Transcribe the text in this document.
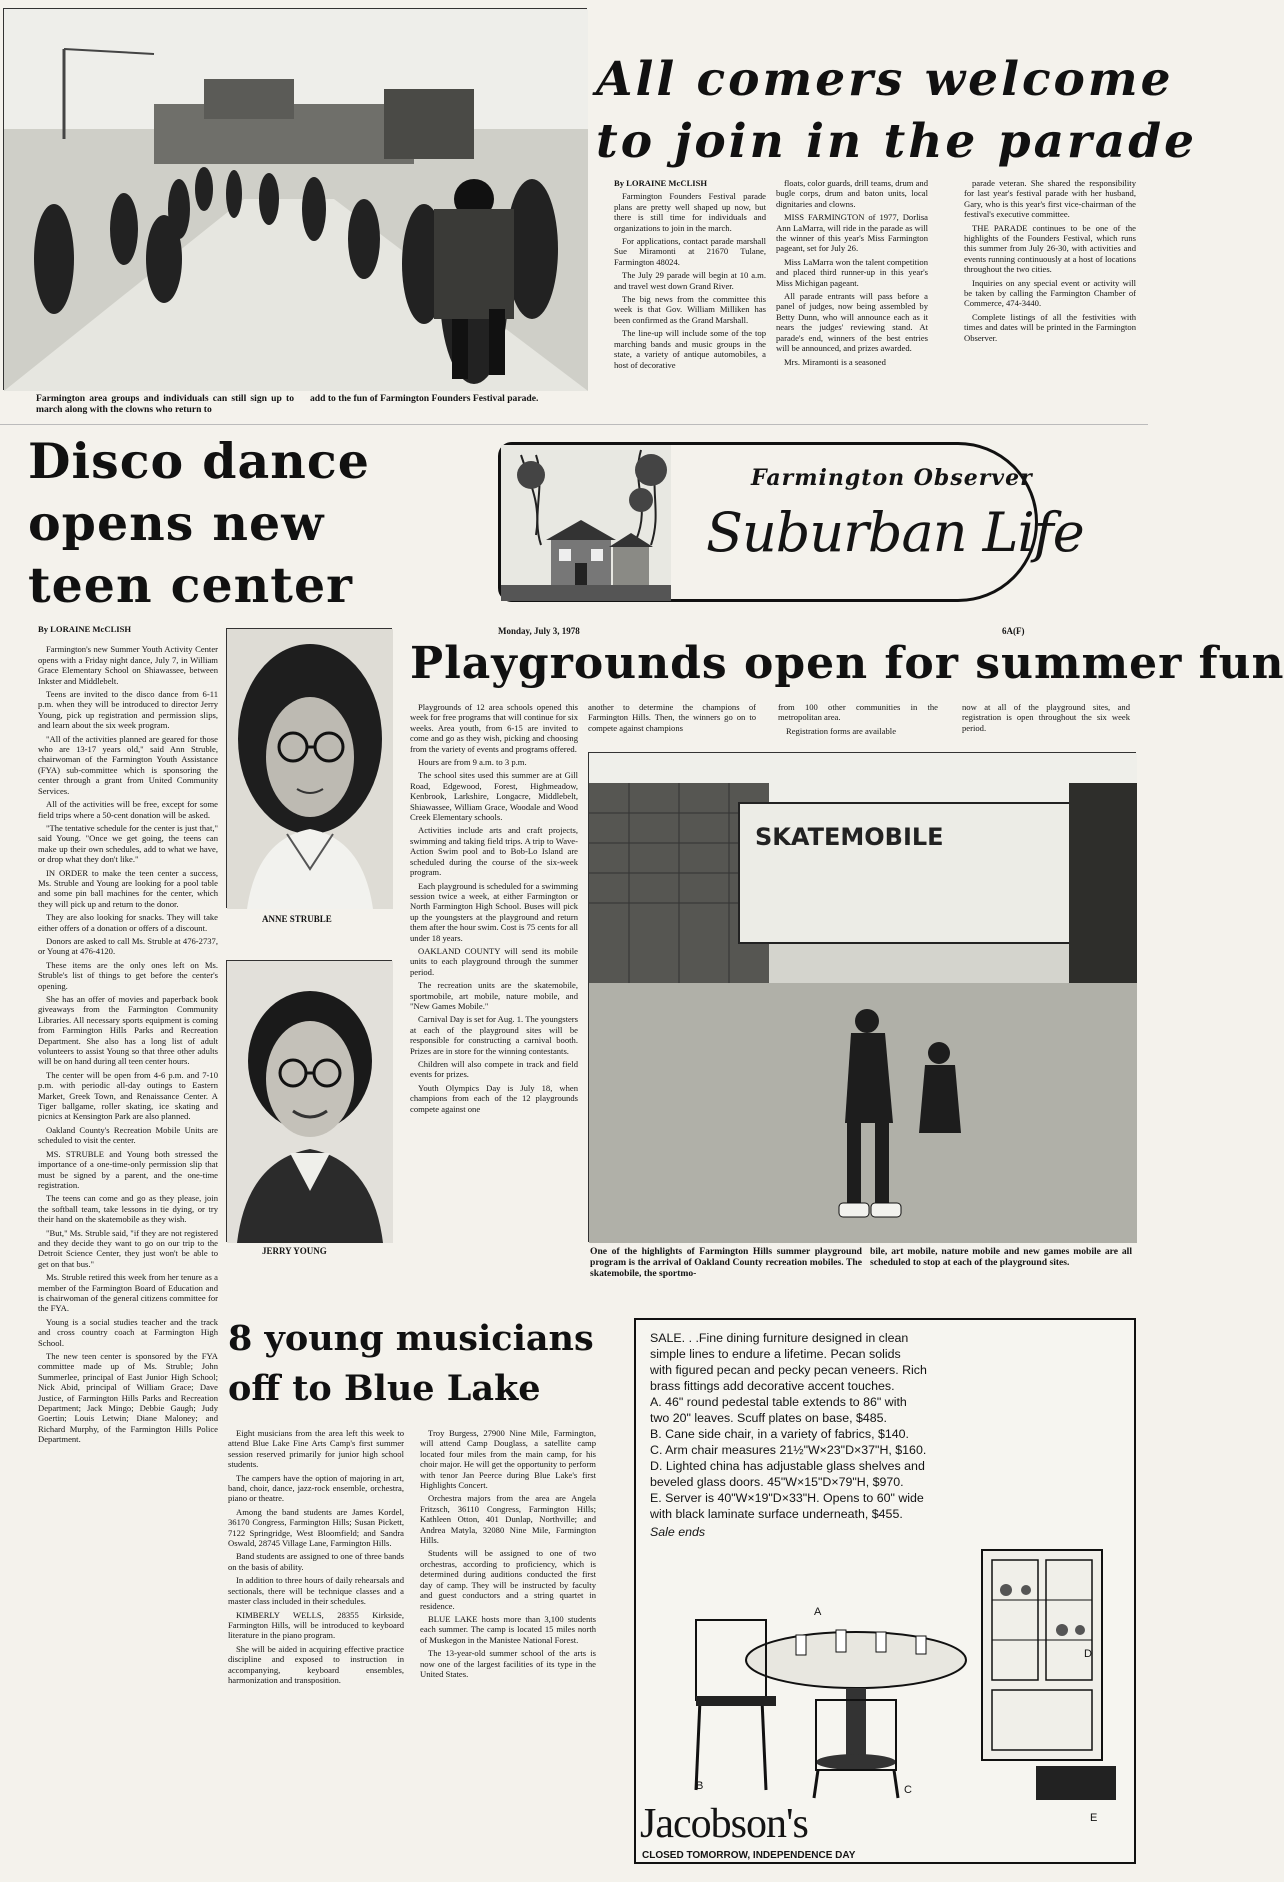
All comers welcome
to join in the parade

By LORAINE McCLISH

Farmington Founders Festival parade plans are pretty well shaped up now, but there is still time for individuals and organizations to join in the march.

For applications, contact parade marshall Sue Miramonti at 21670 Tulane, Farmington 48024.

The July 29 parade will begin at 10 a.m. and travel west down Grand River.

The big news from the committee this week is that Gov. William Milliken has been confirmed as the Grand Marshall.

The line-up will include some of the top marching bands and music groups in the state, a variety of antique automobiles, a host of decorative

floats, color guards, drill teams, drum and bugle corps, drum and baton units, local dignitaries and clowns.

MISS FARMINGTON of 1977, Dorlisa Ann LaMarra, will ride in the parade as will the winner of this year's Miss Farmington pageant, set for July 26.

Miss LaMarra won the talent competition and placed third runner-up in this year's Miss Michigan pageant.

All parade entrants will pass before a panel of judges, now being assembled by Betty Dunn, who will announce each as it nears the judges' reviewing stand. At parade's end, winners of the best entries will be announced, and prizes awarded.

Mrs. Miramonti is a seasoned

parade veteran. She shared the responsibility for last year's festival parade with her husband, Gary, who is this year's first vice-chairman of the festival's executive committee.

THE PARADE continues to be one of the highlights of the Founders Festival, which runs this summer from July 26-30, with activities and events running continuously at a host of locations throughout the two cities.

Inquiries on any special event or activity will be taken by calling the Farmington Chamber of Commerce, 474-3440.

Complete listings of all the festivities with times and dates will be printed in the Farmington Observer.

Farmington area groups and individuals can still sign up to march along with the clowns who return to
add to the fun of Farmington Founders Festival parade.
Disco dance
opens new
teen center
Farmington Observer
Suburban Life
Monday, July 3, 1978	6A(F)

By LORAINE McCLISH

Farmington's new Summer Youth Activity Center opens with a Friday night dance, July 7, in William Grace Elementary School on Shiawassee, between Inkster and Middlebelt.

Teens are invited to the disco dance from 6-11 p.m. when they will be introduced to director Jerry Young, pick up registration and permission slips, and learn about the six week program.

"All of the activities planned are geared for those who are 13-17 years old," said Ann Struble, chairwoman of the Farmington Youth Assistance (FYA) sub-committee which is sponsoring the center through a grant from United Community Services.

All of the activities will be free, except for some field trips where a 50-cent donation will be asked.

"The tentative schedule for the center is just that," said Young. "Once we get going, the teens can make up their own schedules, add to what we have, or drop what they don't like."

IN ORDER to make the teen center a success, Ms. Struble and Young are looking for a pool table and some pin ball machines for the center, which they will pick up and return to the donor.

They are also looking for snacks. They will take either offers of a donation or offers of a discount.

Donors are asked to call Ms. Struble at 476-2737, or Young at 476-4120.

These items are the only ones left on Ms. Struble's list of things to get before the center's opening.

She has an offer of movies and paperback book giveaways from the Farmington Community Libraries. All necessary sports equipment is coming from Farmington Hills Parks and Recreation Department. She also has a long list of adult volunteers to assist Young so that three other adults will be on hand during all teen center hours.

The center will be open from 4-6 p.m. and 7-10 p.m. with periodic all-day outings to Eastern Market, Greek Town, and Renaissance Center. A Tiger ballgame, roller skating, ice skating and picnics at Kensington Park are also planned.

Oakland County's Recreation Mobile Units are scheduled to visit the center.

MS. STRUBLE and Young both stressed the importance of a one-time-only permission slip that must be signed by a parent, and the one-time registration.

The teens can come and go as they please, join the softball team, take lessons in tie dying, or try their hand on the skatemobile as they wish.

"But," Ms. Struble said, "if they are not registered and they decide they want to go on our trip to the Detroit Science Center, they just won't be able to get on that bus."

Ms. Struble retired this week from her tenure as a member of the Farmington Board of Education and is chairwoman of the general citizens committee for the FYA.

Young is a social studies teacher and the track and cross country coach at Farmington High School.

The new teen center is sponsored by the FYA committee made up of Ms. Struble; John Summerlee, principal of East Junior High School; Nick Abid, principal of William Grace; Dave Justice, of Farmington Hills Parks and Recreation Department; Jack Mingo; Debbie Gaugh; Judy Goertin; Louis Letwin; Diane Maloney; and Richard Murphy, of the Farmington Hills Police Department.

ANNE STRUBLE
JERRY YOUNG
Playgrounds open for summer fun

Playgrounds of 12 area schools opened this week for free programs that will continue for six weeks. Area youth, from 6-15 are invited to come and go as they wish, picking and choosing from the variety of events and programs offered.

Hours are from 9 a.m. to 3 p.m.

The school sites used this summer are at Gill Road, Edgewood, Forest, Highmeadow, Kenbrook, Larkshire, Longacre, Middlebelt, Shiawassee, William Grace, Woodale and Wood Creek Elementary schools.

Activities include arts and craft projects, swimming and taking field trips. A trip to Wave-Action Swim pool and to Bob-Lo Island are scheduled during the course of the six-week program.

Each playground is scheduled for a swimming session twice a week, at either Farmington or North Farmington High School. Buses will pick up the youngsters at the playground and return them after the hour swim. Cost is 75 cents for all under 18 years.

OAKLAND COUNTY will send its mobile units to each playground through the summer period.

The recreation units are the skatemobile, sportmobile, art mobile, nature mobile, and "New Games Mobile."

Carnival Day is set for Aug. 1. The youngsters at each of the playground sites will be responsible for constructing a carnival booth. Prizes are in store for the winning contestants.

Children will also compete in track and field events for prizes.

Youth Olympics Day is July 18, when champions from each of the 12 playgrounds compete against one

another to determine the champions of Farmington Hills. Then, the winners go on to compete against champions

from 100 other communities in the metropolitan area.

Registration forms are available

now at all of the playground sites, and registration is open throughout the six week period.

SKATEMOBILE
One of the highlights of Farmington Hills summer playground program is the arrival of Oakland County recreation mobiles. The skatemobile, the sportmo-
bile, art mobile, nature mobile and new games mobile are all scheduled to stop at each of the playground sites.
8 young musicians
off to Blue Lake

Eight musicians from the area left this week to attend Blue Lake Fine Arts Camp's first summer session reserved primarily for junior high school students.

The campers have the option of majoring in art, band, choir, dance, jazz-rock ensemble, orchestra, piano or theatre.

Among the band students are James Kordel, 36170 Congress, Farmington Hills; Susan Pickett, 7122 Springridge, West Bloomfield; and Sandra Oswald, 28745 Village Lane, Farmington Hills.

Band students are assigned to one of three bands on the basis of ability.

In addition to three hours of daily rehearsals and sectionals, there will be technique classes and a master class included in their schedules.

KIMBERLY WELLS, 28355 Kirkside, Farmington Hills, will be introduced to keyboard literature in the piano program.

She will be aided in acquiring effective practice discipline and exposed to instruction in accompanying, keyboard ensembles, harmonization and transposition.

Troy Burgess, 27900 Nine Mile, Farmington, will attend Camp Douglass, a satellite camp located four miles from the main camp, for his choir major. He will get the opportunity to perform with tenor Jan Peerce during Blue Lake's first Highlights Concert.

Orchestra majors from the area are Angela Fritzsch, 36110 Congress, Farmington Hills; Kathleen Otton, 401 Dunlap, Northville; and Andrea Matyla, 32080 Nine Mile, Farmington Hills.

Students will be assigned to one of two orchestras, according to proficiency, which is determined during auditions conducted the first day of camp. They will be instructed by faculty and guest conductors and a string quartet in residence.

BLUE LAKE hosts more than 3,100 students each summer. The camp is located 15 miles north of Muskegon in the Manistee National Forest.

The 13-year-old summer school of the arts is now one of the largest facilities of its type in the United States.

SALE. . .Fine dining furniture designed in clean
simple lines to endure a lifetime. Pecan solids
with figured pecan and pecky pecan veneers. Rich
brass fittings add decorative accent touches.
A. 46" round pedestal table extends to 86" with
two 20" leaves. Scuff plates on base, $485.
B. Cane side chair, in a variety of fabrics, $140.
C. Arm chair measures 21½"W×23"D×37"H, $160.
D. Lighted china has adjustable glass shelves and
beveled glass doors. 45"W×15"D×79"H, $970.
E. Server is 40"W×19"D×33"H. Opens to 60" wide
with black laminate surface underneath, $455.
Sale ends
A
B	C
D
E
Jacobson's
CLOSED TOMORROW, INDEPENDENCE DAY
